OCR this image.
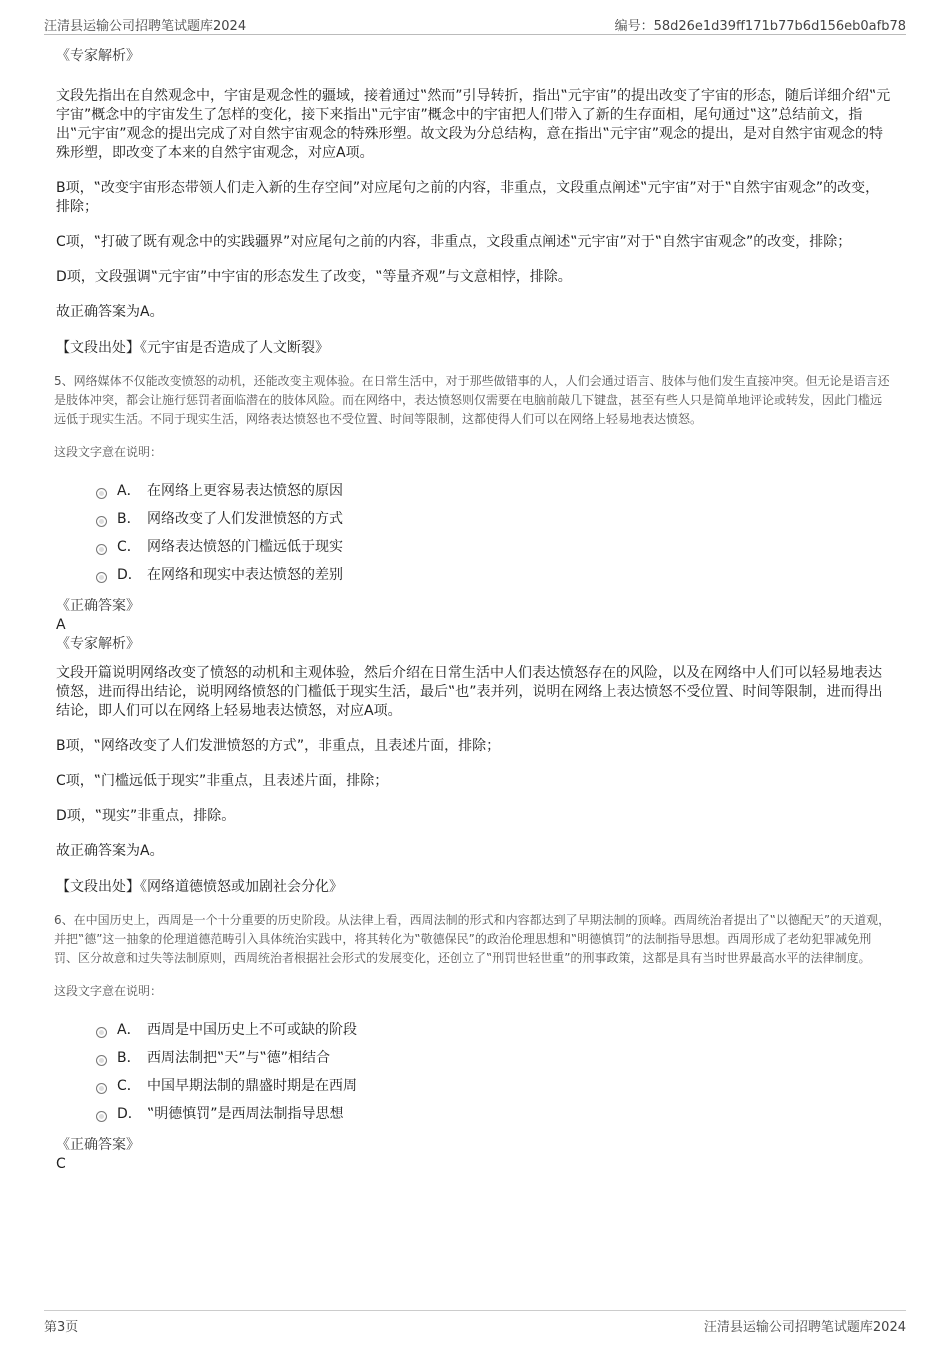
汪清县运输公司招聘笔试题库2024	编号：58d26e1d39ff171b77b6d156eb0afb78
《专家解析》

文段先指出在自然观念中，宇宙是观念性的疆域，接着通过‟然而”引导转折，指出‟元宇宙”的提出改变了宇宙的形态，随后详细介绍‟元宇宙”概念中的宇宙发生了怎样的变化，接下来指出‟元宇宙”概念中的宇宙把人们带入了新的生存面相，尾句通过‟这”总结前文，指出‟元宇宙”观念的提出完成了对自然宇宙观念的特殊形塑。故文段为分总结构，意在指出‟元宇宙”观念的提出，是对自然宇宙观念的特殊形塑，即改变了本来的自然宇宙观念，对应A项。

B项，‟改变宇宙形态带领人们走入新的生存空间”对应尾句之前的内容，非重点，文段重点阐述‟元宇宙”对于‟自然宇宙观念”的改变，排除；

C项，‟打破了既有观念中的实践疆界”对应尾句之前的内容，非重点，文段重点阐述‟元宇宙”对于‟自然宇宙观念”的改变，排除；

D项，文段强调‟元宇宙”中宇宙的形态发生了改变，‟等量齐观”与文意相悖，排除。

故正确答案为A。

【文段出处】《元宇宙是否造成了人文断裂》

5、网络媒体不仅能改变愤怒的动机，还能改变主观体验。在日常生活中，对于那些做错事的人，人们会通过语言、肢体与他们发生直接冲突。但无论是语言还是肢体冲突，都会让施行惩罚者面临潜在的肢体风险。而在网络中，表达愤怒则仅需要在电脑前敲几下键盘，甚至有些人只是简单地评论或转发，因此门槛远远低于现实生活。不同于现实生活，网络表达愤怒也不受位置、时间等限制，这都使得人们可以在网络上轻易地表达愤怒。

这段文字意在说明：
A． 在网络上更容易表达愤怒的原因
B． 网络改变了人们发泄愤怒的方式
C． 网络表达愤怒的门槛远低于现实
D． 在网络和现实中表达愤怒的差别
《正确答案》
A
《专家解析》

文段开篇说明网络改变了愤怒的动机和主观体验，然后介绍在日常生活中人们表达愤怒存在的风险，以及在网络中人们可以轻易地表达愤怒，进而得出结论，说明网络愤怒的门槛低于现实生活，最后‟也”表并列，说明在网络上表达愤怒不受位置、时间等限制，进而得出结论，即人们可以在网络上轻易地表达愤怒，对应A项。

B项，‟网络改变了人们发泄愤怒的方式”，非重点，且表述片面，排除；

C项，‟门槛远低于现实”非重点，且表述片面，排除；

D项，‟现实”非重点，排除。

故正确答案为A。

【文段出处】《网络道德愤怒或加剧社会分化》

6、在中国历史上，西周是一个十分重要的历史阶段。从法律上看，西周法制的形式和内容都达到了早期法制的顶峰。西周统治者提出了‟以德配天”的天道观，并把‟德”这一抽象的伦理道德范畴引入具体统治实践中，将其转化为‟敬德保民”的政治伦理思想和‟明德慎罚”的法制指导思想。西周形成了老幼犯罪减免刑罚、区分故意和过失等法制原则，西周统治者根据社会形式的发展变化，还创立了‟刑罚世轻世重”的刑事政策，这都是具有当时世界最高水平的法律制度。

这段文字意在说明：
A． 西周是中国历史上不可或缺的阶段
B． 西周法制把‟天”与‟德”相结合
C． 中国早期法制的鼎盛时期是在西周
D． ‟明德慎罚”是西周法制指导思想
《正确答案》
C
第3页	汪清县运输公司招聘笔试题库2024
